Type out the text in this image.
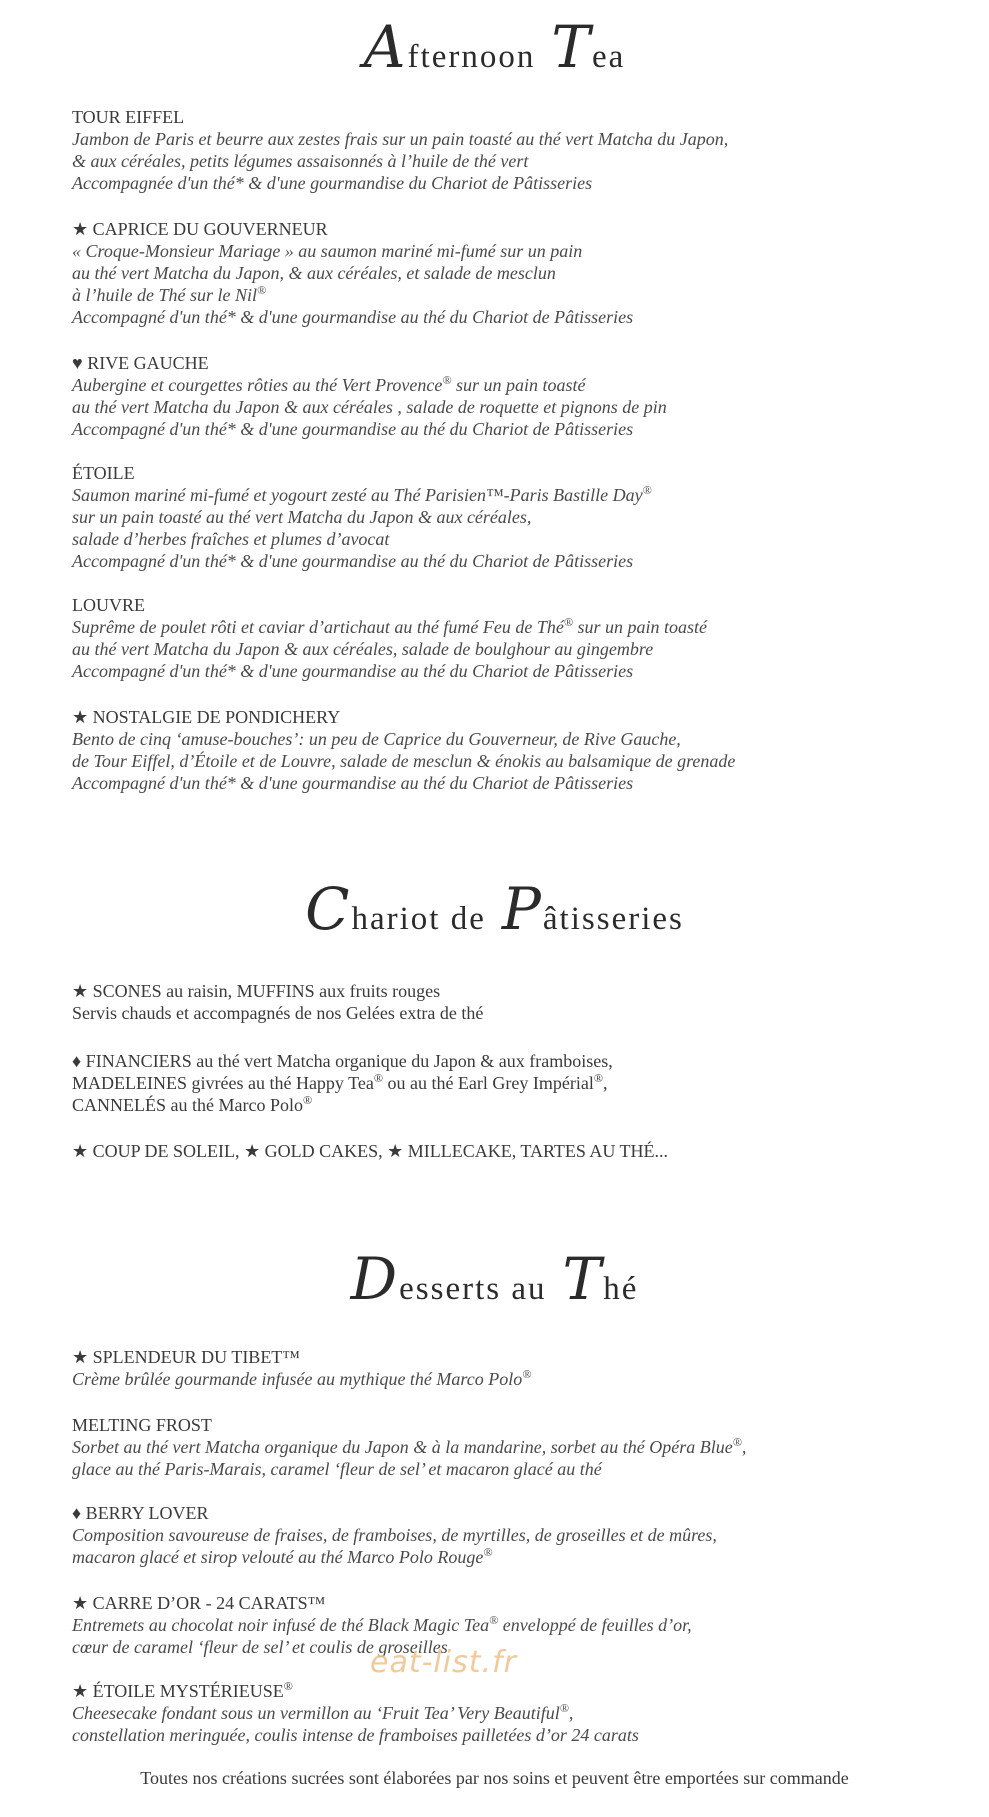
Afternoon Tea
TOUR EIFFEL
Jambon de Paris et beurre aux zestes frais sur un pain toasté au thé vert Matcha du Japon,
& aux céréales, petits légumes assaisonnés à l’huile de thé vert
Accompagnée d'un thé* & d'une gourmandise du Chariot de Pâtisseries
★ CAPRICE DU GOUVERNEUR
« Croque-Monsieur Mariage » au saumon mariné mi-fumé sur un pain
au thé vert Matcha du Japon, & aux céréales, et salade de mesclun
à l’huile de Thé sur le Nil®
Accompagné d'un thé* & d'une gourmandise au thé du Chariot de Pâtisseries
♥ RIVE GAUCHE
Aubergine et courgettes rôties au thé Vert Provence® sur un pain toasté
au thé vert Matcha du Japon & aux céréales , salade de roquette et pignons de pin
Accompagné d'un thé* & d'une gourmandise au thé du Chariot de Pâtisseries
ÉTOILE
Saumon mariné mi-fumé et yogourt zesté au Thé Parisien™-Paris Bastille Day®
sur un pain toasté au thé vert Matcha du Japon & aux céréales,
salade d’herbes fraîches et plumes d’avocat
Accompagné d'un thé* & d'une gourmandise au thé du Chariot de Pâtisseries
LOUVRE
Suprême de poulet rôti et caviar d’artichaut au thé fumé Feu de Thé® sur un pain toasté
au thé vert Matcha du Japon & aux céréales, salade de boulghour au gingembre
Accompagné d'un thé* & d'une gourmandise au thé du Chariot de Pâtisseries
★ NOSTALGIE DE PONDICHERY
Bento de cinq ‘amuse-bouches’: un peu de Caprice du Gouverneur, de Rive Gauche,
de Tour Eiffel, d’Étoile et de Louvre, salade de mesclun & énokis au balsamique de grenade
Accompagné d'un thé* & d'une gourmandise au thé du Chariot de Pâtisseries
Chariot de Pâtisseries
★ SCONES au raisin, MUFFINS aux fruits rouges
Servis chauds et accompagnés de nos Gelées extra de thé
♦ FINANCIERS au thé vert Matcha organique du Japon & aux framboises,
MADELEINES givrées au thé Happy Tea® ou au thé Earl Grey Impérial®,
CANNELÉS au thé Marco Polo®
★ COUP DE SOLEIL, ★ GOLD CAKES, ★ MILLECAKE, TARTES AU THÉ...
Desserts au Thé
★ SPLENDEUR DU TIBET™
Crème brûlée gourmande infusée au mythique thé Marco Polo®
MELTING FROST
Sorbet au thé vert Matcha organique du Japon & à la mandarine, sorbet au thé Opéra Blue®,
glace au thé Paris-Marais, caramel ‘fleur de sel’ et macaron glacé au thé
♦ BERRY LOVER
Composition savoureuse de fraises, de framboises, de myrtilles, de groseilles et de mûres,
macaron glacé et sirop velouté au thé Marco Polo Rouge®
★ CARRE D’OR - 24 CARATS™
Entremets au chocolat noir infusé de thé Black Magic Tea® enveloppé de feuilles d’or,
cœur de caramel ‘fleur de sel’ et coulis de groseilles
eat-list.fr
★ ÉTOILE MYSTÉRIEUSE®
Cheesecake fondant sous un vermillon au ‘Fruit Tea’ Very Beautiful®,
constellation meringuée, coulis intense de framboises pailletées d’or 24 carats
Toutes nos créations sucrées sont élaborées par nos soins et peuvent être emportées sur commande
